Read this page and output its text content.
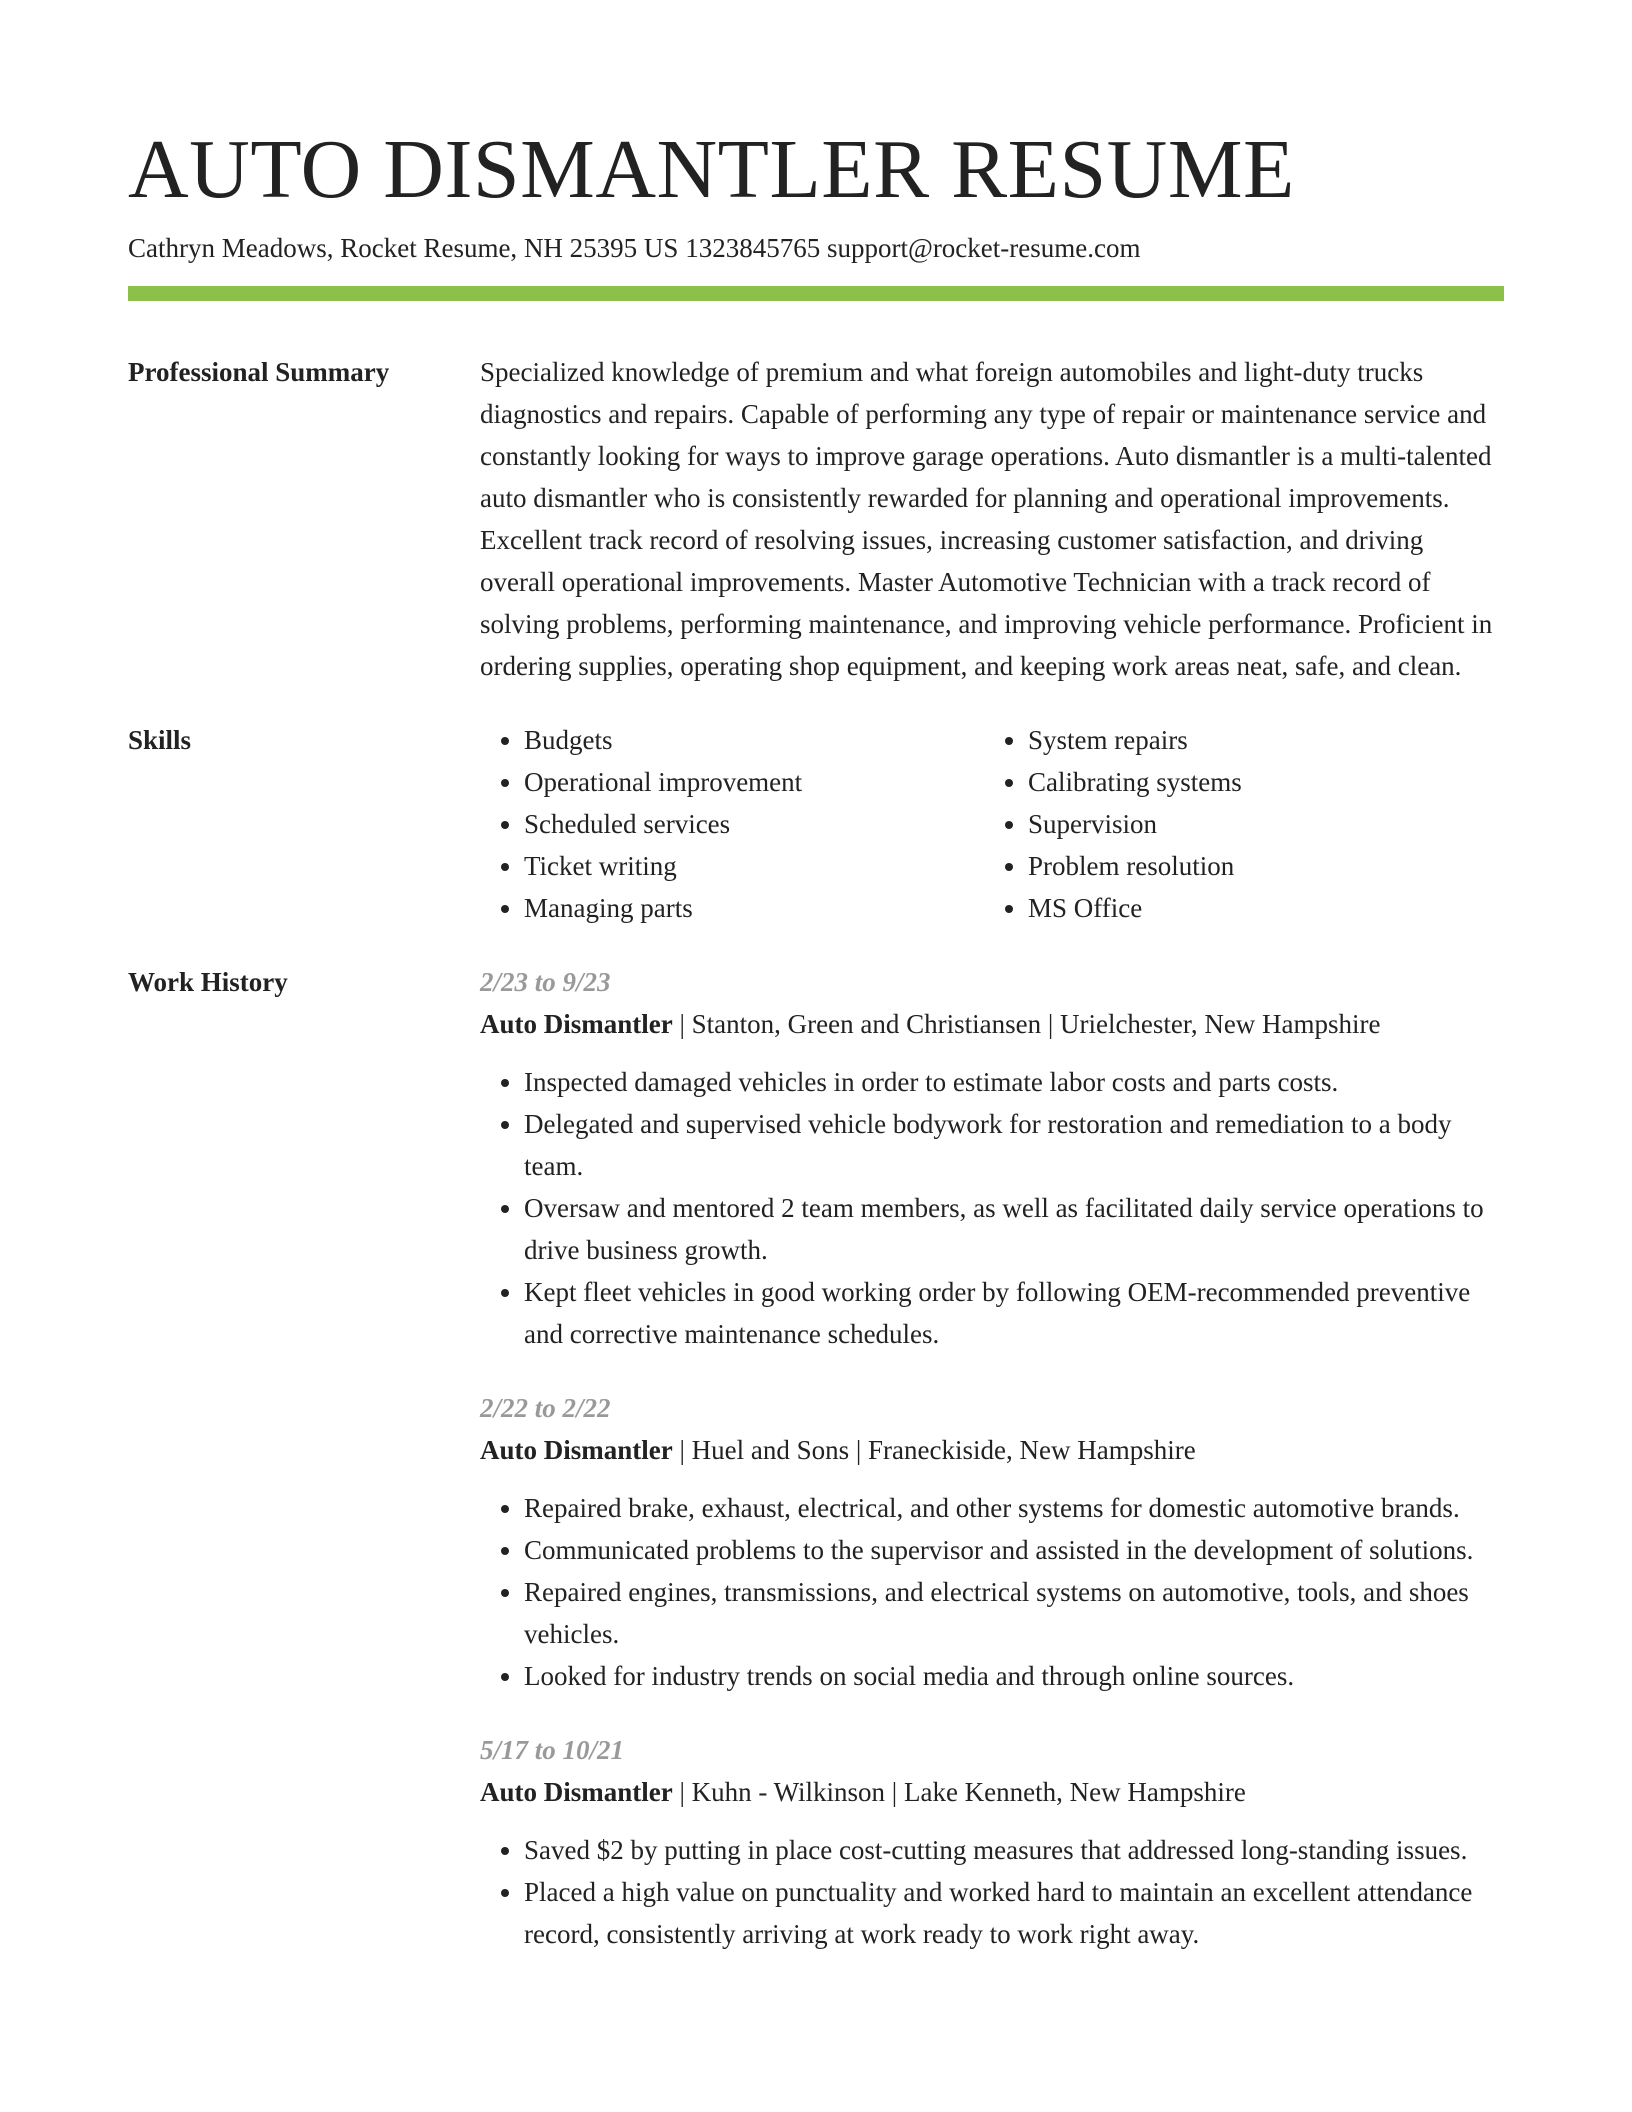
AUTO DISMANTLER RESUME
Cathryn Meadows, Rocket Resume, NH 25395 US 1323845765 support@rocket-resume.com
Professional Summary	Specialized knowledge of premium and what foreign automobiles and light-duty trucks diagnostics and repairs. Capable of performing any type of repair or maintenance service and constantly looking for ways to improve garage operations. Auto dismantler is a multi-talented auto dismantler who is consistently rewarded for planning and operational improvements. Excellent track record of resolving issues, increasing customer satisfaction, and driving overall operational improvements. Master Automotive Technician with a track record of solving problems, performing maintenance, and improving vehicle performance. Proficient in ordering supplies, operating shop equipment, and keeping work areas neat, safe, and clean.

Skills
•	Budgets
• Operational improvement
• Scheduled services
• Ticket writing
• Managing parts
• System repairs
• Calibrating systems
• Supervision
• Problem resolution
• MS Office
Work History	2/23 to 9/23
Auto Dismantler | Stanton, Green and Christiansen | Urielchester, New Hampshire
• Inspected damaged vehicles in order to estimate labor costs and parts costs.
• Delegated and supervised vehicle bodywork for restoration and remediation to a body team.
• Oversaw and mentored 2 team members, as well as facilitated daily service operations to drive business growth.
• Kept fleet vehicles in good working order by following OEM-recommended preventive and corrective maintenance schedules.
2/22 to 2/22
Auto Dismantler | Huel and Sons | Franeckiside, New Hampshire
• Repaired brake, exhaust, electrical, and other systems for domestic automotive brands.
• Communicated problems to the supervisor and assisted in the development of solutions.
• Repaired engines, transmissions, and electrical systems on automotive, tools, and shoes vehicles.
• Looked for industry trends on social media and through online sources.
5/17 to 10/21
Auto Dismantler | Kuhn - Wilkinson | Lake Kenneth, New Hampshire
• Saved $2 by putting in place cost-cutting measures that addressed long-standing issues.
• Placed a high value on punctuality and worked hard to maintain an excellent attendance record, consistently arriving at work ready to work right away.
